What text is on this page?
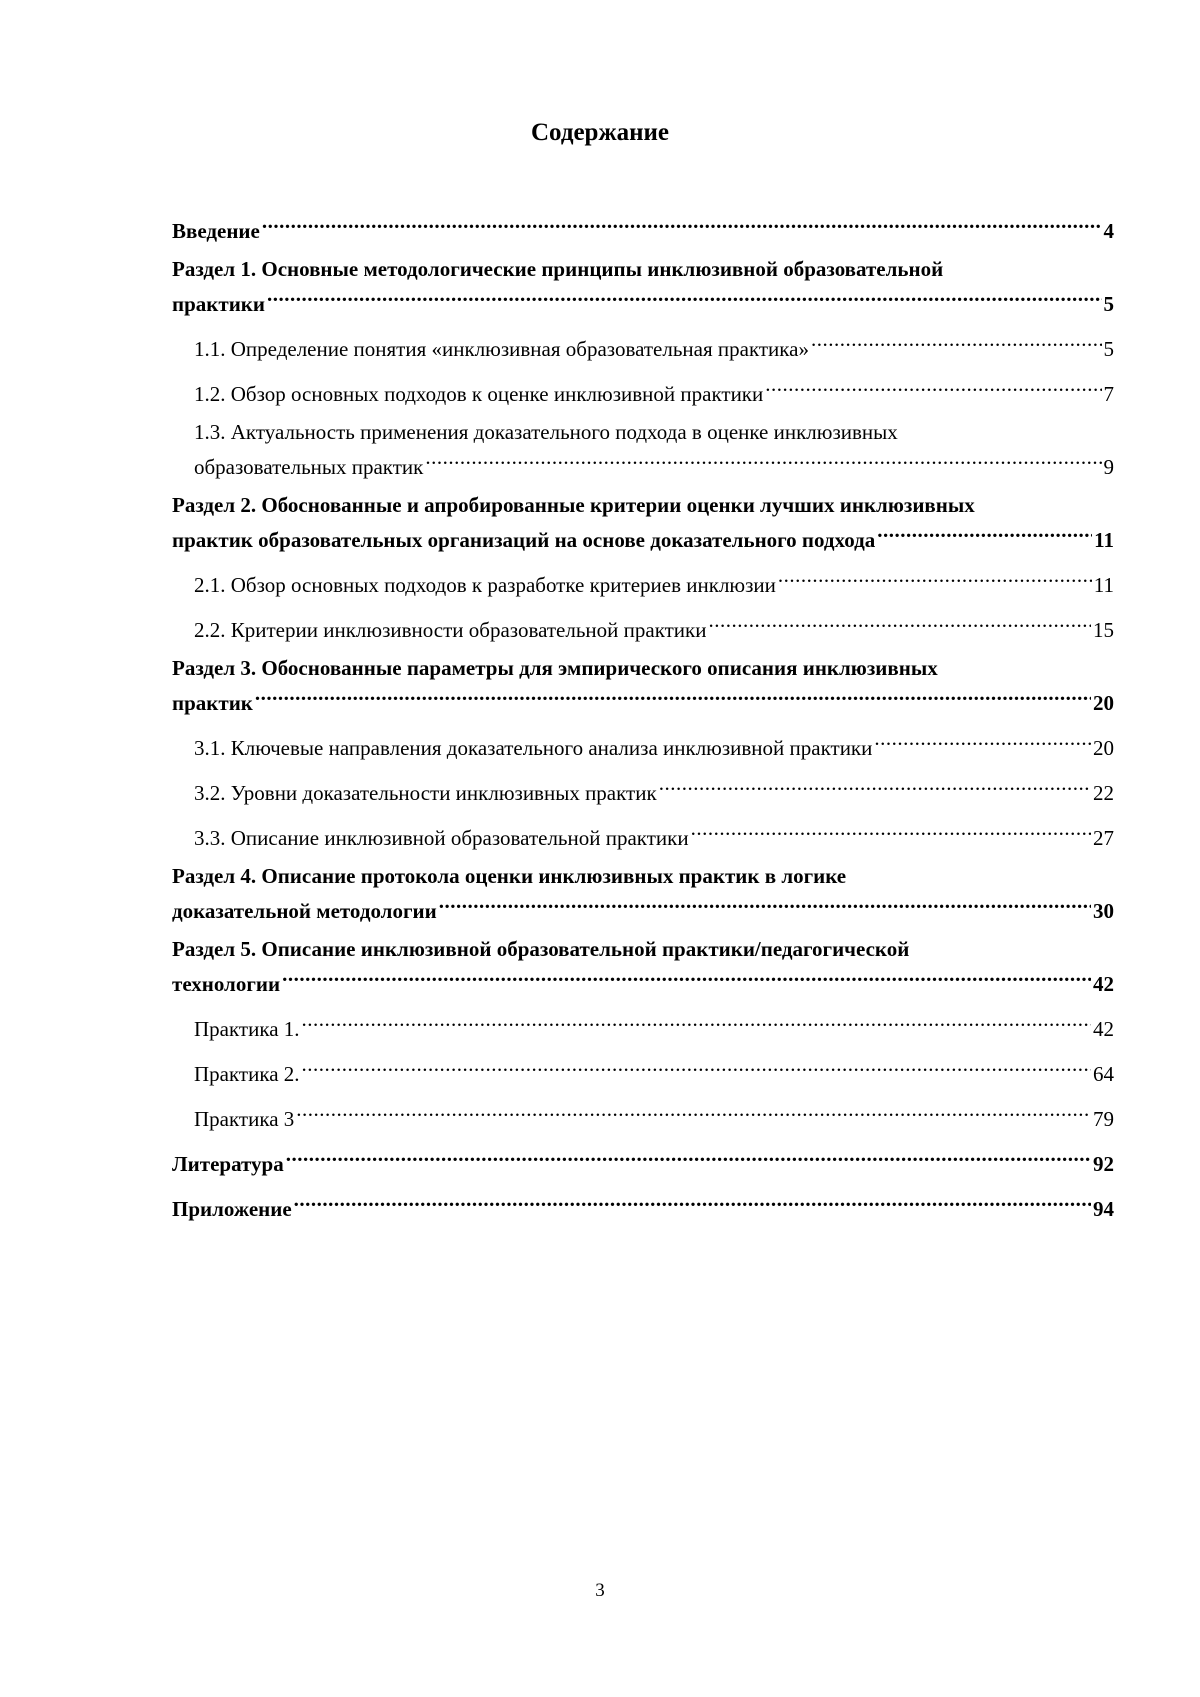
Содержание
Введение .....	4
Раздел 1. Основные методологические принципы инклюзивной образовательной
практики .....	5
1.1. Определение понятия «инклюзивная образовательная практика» .....	5
1.2. Обзор основных подходов к оценке инклюзивной практики .....	7
1.3. Актуальность применения доказательного подхода в оценке инклюзивных
образовательных практик .....	9
Раздел 2. Обоснованные и апробированные критерии оценки лучших инклюзивных
практик образовательных организаций на основе доказательного подхода .....	11
2.1. Обзор основных подходов к разработке критериев инклюзии .....	11
2.2. Критерии инклюзивности образовательной практики .....	15
Раздел 3. Обоснованные параметры для эмпирического описания инклюзивных
практик .....	20
3.1. Ключевые направления доказательного анализа инклюзивной практики .....	20
3.2. Уровни доказательности инклюзивных практик .....	22
3.3. Описание инклюзивной образовательной практики .....	27
Раздел 4. Описание протокола оценки инклюзивных практик в логике
доказательной методологии .....	30
Раздел 5. Описание инклюзивной образовательной практики/педагогической
технологии .....	42
Практика 1. .....	42
Практика 2. .....	64
Практика 3 .....	79
Литература .....	92
Приложение .....	94
3
